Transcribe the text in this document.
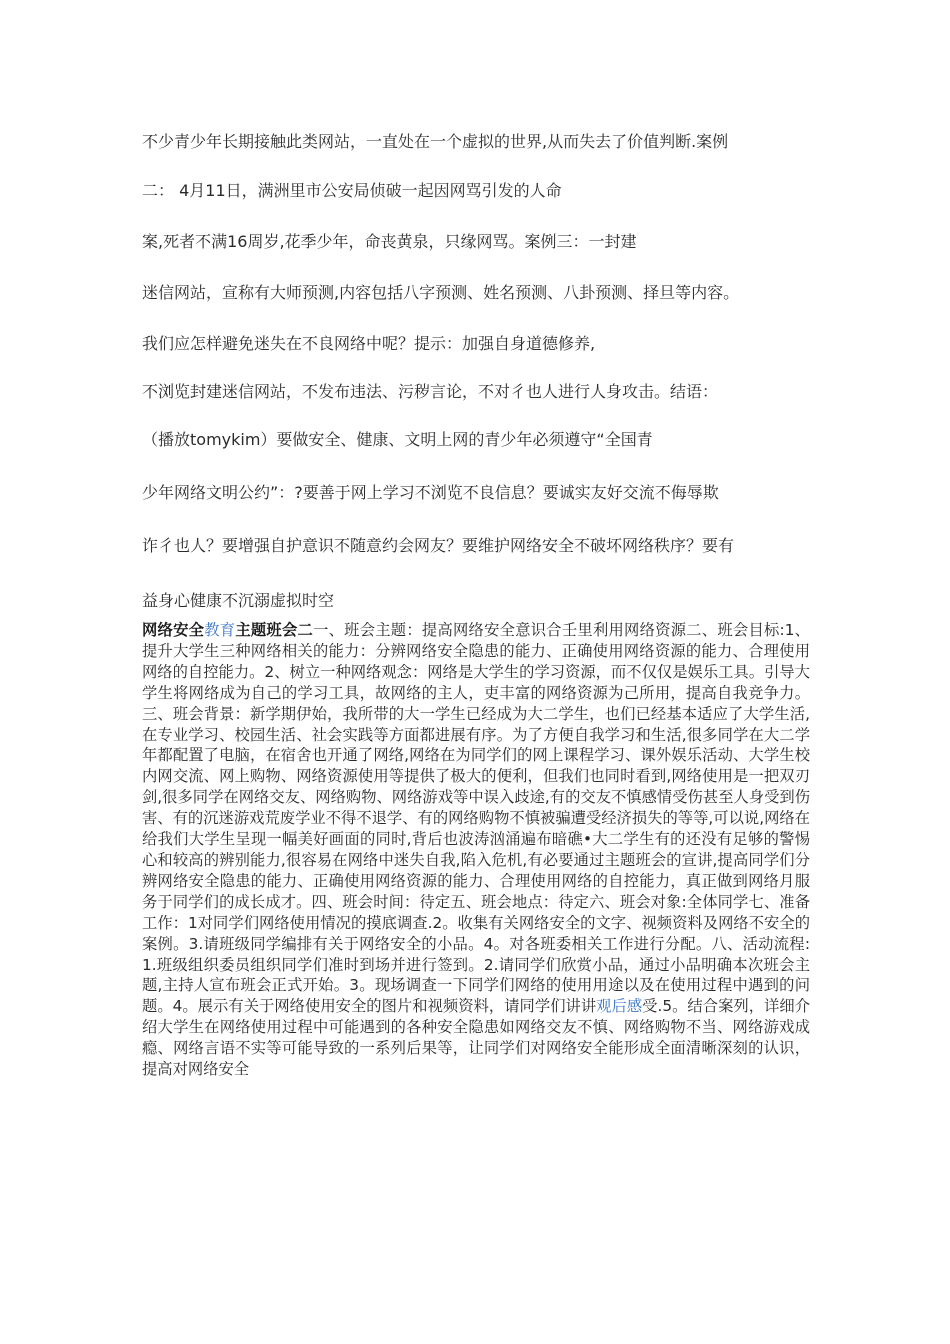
不少青少年长期接触此类网站，一直处在一个虚拟的世界,从而失去了价值判断.案例
二： 4月11日，满洲里市公安局侦破一起因网骂引发的人命
案,死者不满16周岁,花季少年，命丧黄泉，只缘网骂。案例三：一封建
迷信网站，宣称有大师预测,内容包括八字预测、姓名预测、八卦预测、择旦等内容。
我们应怎样避免迷失在不良网络中呢？提示：加强自身道德修养,
不浏览封建迷信网站，不发布违法、污秽言论，不对彳也人进行人身攻击。结语：
（播放tomykim）要做安全、健康、文明上网的青少年必须遵守“全国青
少年网络文明公约”：?要善于网上学习不浏览不良信息？要诚实友好交流不侮辱欺
诈彳也人？要增强自护意识不随意约会网友？要维护网络安全不破坏网络秩序？要有
益身心健康不沉溺虚拟时空
网络安全教育主题班会二一、班会主题：提高网络安全意识合壬里利用网络资源二、班会目标:1、提升大学生三种网络相关的能力：分辨网络安全隐患的能力、正确使用网络资源的能力、合理使用网络的自控能力。2、树立一种网络观念：网络是大学生的学习资源，而不仅仅是娱乐工具。引导大学生将网络成为自己的学习工具，故网络的主人，吏丰富的网络资源为己所用，提高自我竞争力。三、班会背景：新学期伊始，我所带的大一学生已经成为大二学生，也们已经基本适应了大学生活,在专业学习、校园生活、社会实践等方面都进展有序。为了方便自我学习和生活,很多同学在大二学年都配置了电脑，在宿舍也开通了网络,网络在为同学们的网上课程学习、课外娱乐活动、大学生校内网交流、网上购物、网络资源使用等提供了极大的便利，但我们也同时看到,网络使用是一把双刃剑,很多同学在网络交友、网络购物、网络游戏等中误入歧途,有的交友不慎感情受伤甚至人身受到伤害、有的沉迷游戏荒废学业不得不退学、有的网络购物不慎被骗遭受经济损失的等等,可以说,网络在给我们大学生呈现一幅美好画面的同时,背后也波涛汹涌遍布暗礁•大二学生有的还没有足够的警惕心和较高的辨别能力,很容易在网络中迷失自我,陷入危机,有必要通过主题班会的宣讲,提高同学们分辨网络安全隐患的能力、正确使用网络资源的能力、合理使用网络的自控能力，真正做到网络月服务于同学们的成长成才。四、班会时间：待定五、班会地点：待定六、班会对象:全体同学七、准备工作：1对同学们网络使用情况的摸底调查.2。收集有关网络安全的文字、视频资料及网络不安全的案例。3.请班级同学编排有关于网络安全的小品。4。对各班委相关工作进行分配。八、活动流程:1.班级组织委员组织同学们准时到场并进行签到。2.请同学们欣赏小品，通过小品明确本次班会主题,主持人宣布班会正式开始。3。现场调查一下同学们网络的使用用途以及在使用过程中遇到的问题。4。展示有关于网络使用安全的图片和视频资料，请同学们讲讲观后感受.5。结合案列，详细介绍大学生在网络使用过程中可能遇到的各种安全隐患如网络交友不慎、网络购物不当、网络游戏成瘾、网络言语不实等可能导致的一系列后果等，让同学们对网络安全能形成全面清晰深刻的认识，提高对网络安全
